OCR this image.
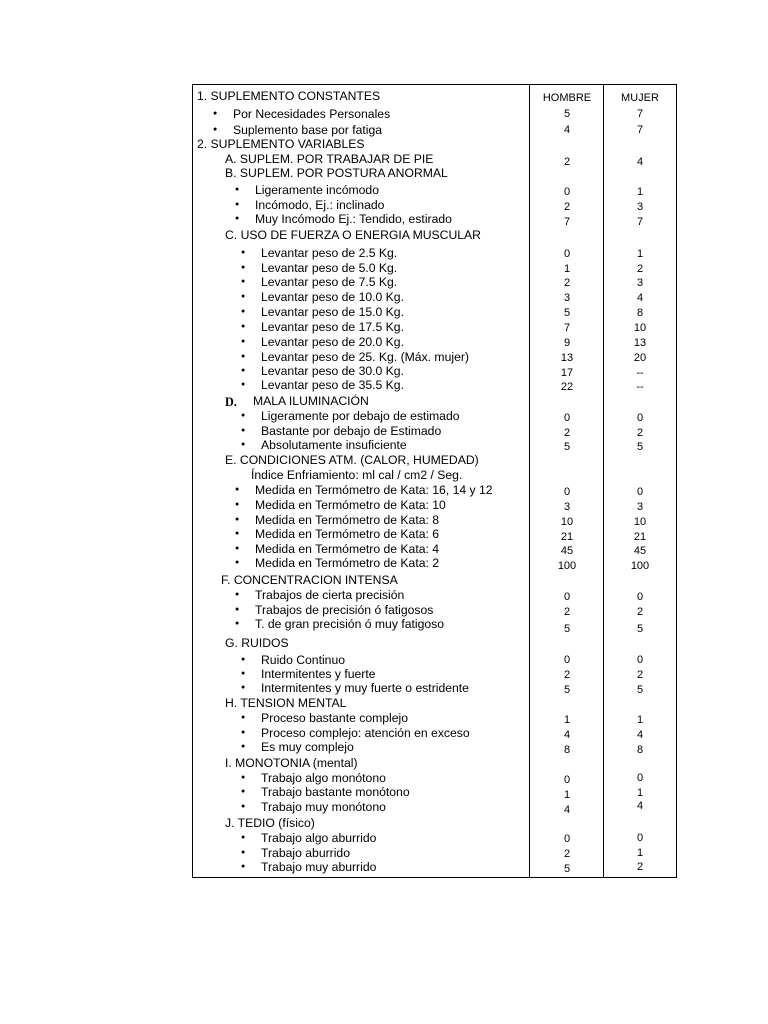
HOMBRE	MUJER
1. SUPLEMENTO CONSTANTES
● Por Necesidades Personales	5	7
● Suplemento base por fatiga	4	7
2. SUPLEMENTO VARIABLES
A. SUPLEM. POR TRABAJAR DE PIE	2	4
B. SUPLEM. POR POSTURA ANORMAL
● Ligeramente incómodo	0	1
● Incómodo, Ej.: inclinado	2	3
● Muy Incómodo Ej.: Tendido, estirado	7	7
C. USO DE FUERZA O ENERGIA MUSCULAR
● Levantar peso de 2.5 Kg.	0	1
● Levantar peso de 5.0 Kg.	1	2
● Levantar peso de 7.5 Kg.	2	3
● Levantar peso de 10.0 Kg.	3	4
● Levantar peso de 15.0 Kg.	5	8
● Levantar peso de 17.5 Kg.	7	10
● Levantar peso de 20.0 Kg.	9	13
● Levantar peso de 25. Kg. (Máx. mujer)	13	20
● Levantar peso de 30.0 Kg.	17	--
● Levantar peso de 35.5 Kg.	22	--
D. MALA ILUMINACIÓN
● Ligeramente por debajo de estimado	0	0
● Bastante por debajo de Estimado	2	2
● Absolutamente insuficiente	5	5
E. CONDICIONES ATM. (CALOR, HUMEDAD)
Índice Enfriamiento: ml cal / cm2 / Seg.
● Medida en Termómetro de Kata: 16, 14 y 12	0	0
● Medida en Termómetro de Kata: 10	3	3
● Medida en Termómetro de Kata: 8	10	10
● Medida en Termómetro de Kata: 6	21	21
● Medida en Termómetro de Kata: 4	45	45
● Medida en Termómetro de Kata: 2	100	100
F. CONCENTRACION INTENSA
● Trabajos de cierta precisión	0	0
● Trabajos de precisión ó fatigosos	2	2
● T. de gran precisión ó muy fatigoso	5	5
G. RUIDOS
● Ruido Continuo	0	0
● Intermitentes y fuerte	2	2
● Intermitentes y muy fuerte o estridente	5	5
H. TENSION MENTAL
● Proceso bastante complejo	1	1
● Proceso complejo: atención en exceso	4	4
● Es muy complejo	8	8
I. MONOTONIA (mental)
● Trabajo algo monótono	0	0
● Trabajo bastante monótono	1	1
● Trabajo muy monótono	4	4
J. TEDIO (físico)
● Trabajo algo aburrido	0	0
● Trabajo aburrido	2	1
● Trabajo muy aburrido	5	2
